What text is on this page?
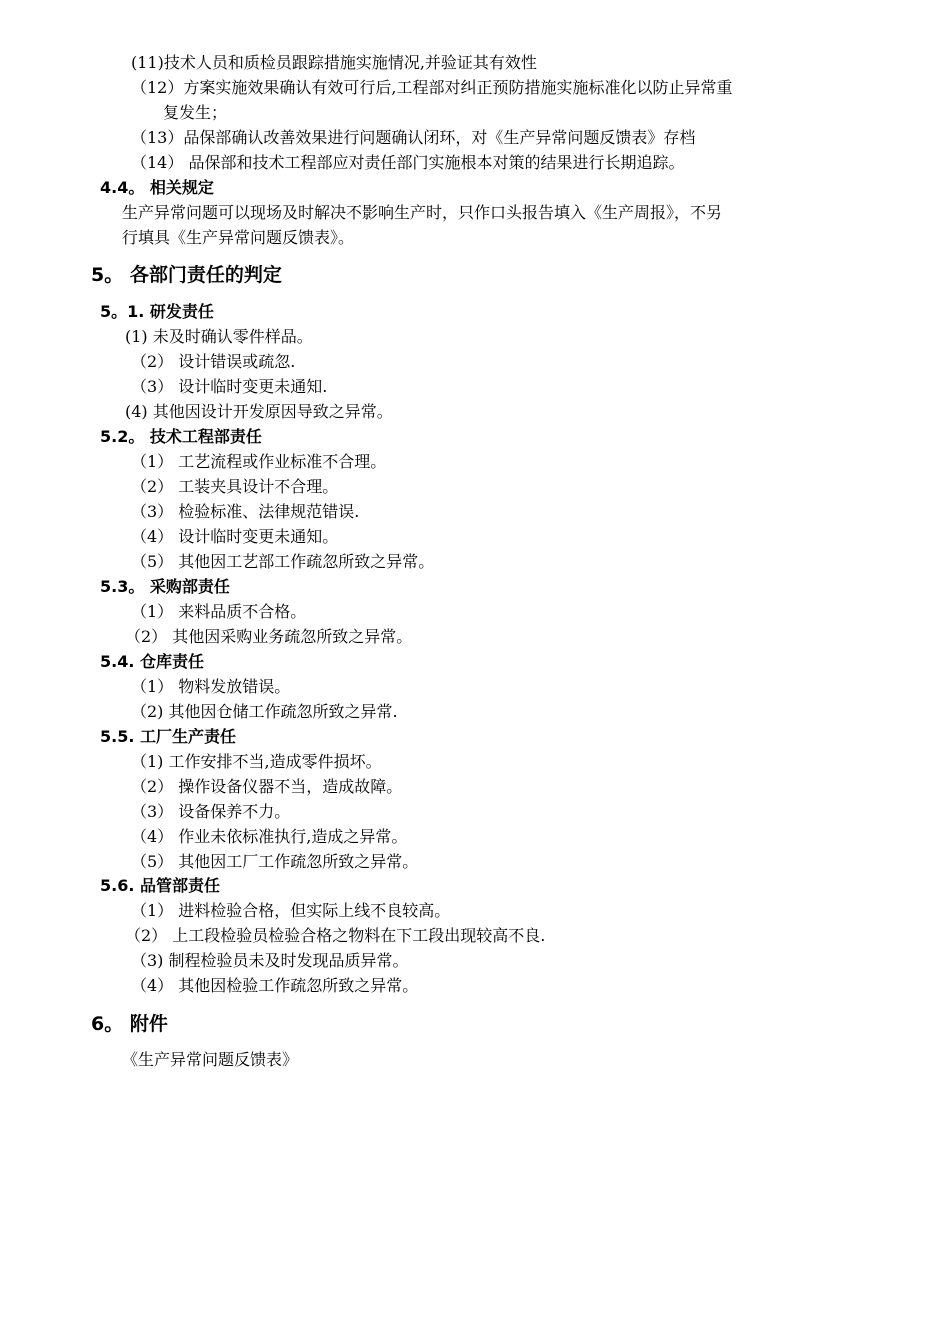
(11)技术人员和质检员跟踪措施实施情况,并验证其有效性
（12）方案实施效果确认有效可行后,工程部对纠正预防措施实施标准化以防止异常重
复发生；
（13）品保部确认改善效果进行问题确认闭环，对《生产异常问题反馈表》存档
（14） 品保部和技术工程部应对责任部门实施根本对策的结果进行长期追踪。
4.4。 相关规定
生产异常问题可以现场及时解决不影响生产时，只作口头报告填入《生产周报》，不另
行填具《生产异常问题反馈表》。
5。 各部门责任的判定
5。1. 研发责任
(1) 未及时确认零件样品。
（2） 设计错误或疏忽.
（3） 设计临时变更未通知.
(4) 其他因设计开发原因导致之异常。
5.2。 技术工程部责任
（1） 工艺流程或作业标准不合理。
（2） 工装夹具设计不合理。
（3） 检验标准、法律规范错误.
（4） 设计临时变更未通知。
（5） 其他因工艺部工作疏忽所致之异常。
5.3。 采购部责任
（1） 来料品质不合格。
（2） 其他因采购业务疏忽所致之异常。
5.4. 仓库责任
（1） 物料发放错误。
（2) 其他因仓储工作疏忽所致之异常.
5.5. 工厂生产责任
（1) 工作安排不当,造成零件损坏。
（2） 操作设备仪器不当，造成故障。
（3） 设备保养不力。
（4） 作业未依标准执行,造成之异常。
（5） 其他因工厂工作疏忽所致之异常。
5.6. 品管部责任
（1） 进料检验合格，但实际上线不良较高。
（2） 上工段检验员检验合格之物料在下工段出现较高不良.
（3) 制程检验员未及时发现品质异常。
（4） 其他因检验工作疏忽所致之异常。
6。 附件
《生产异常问题反馈表》
